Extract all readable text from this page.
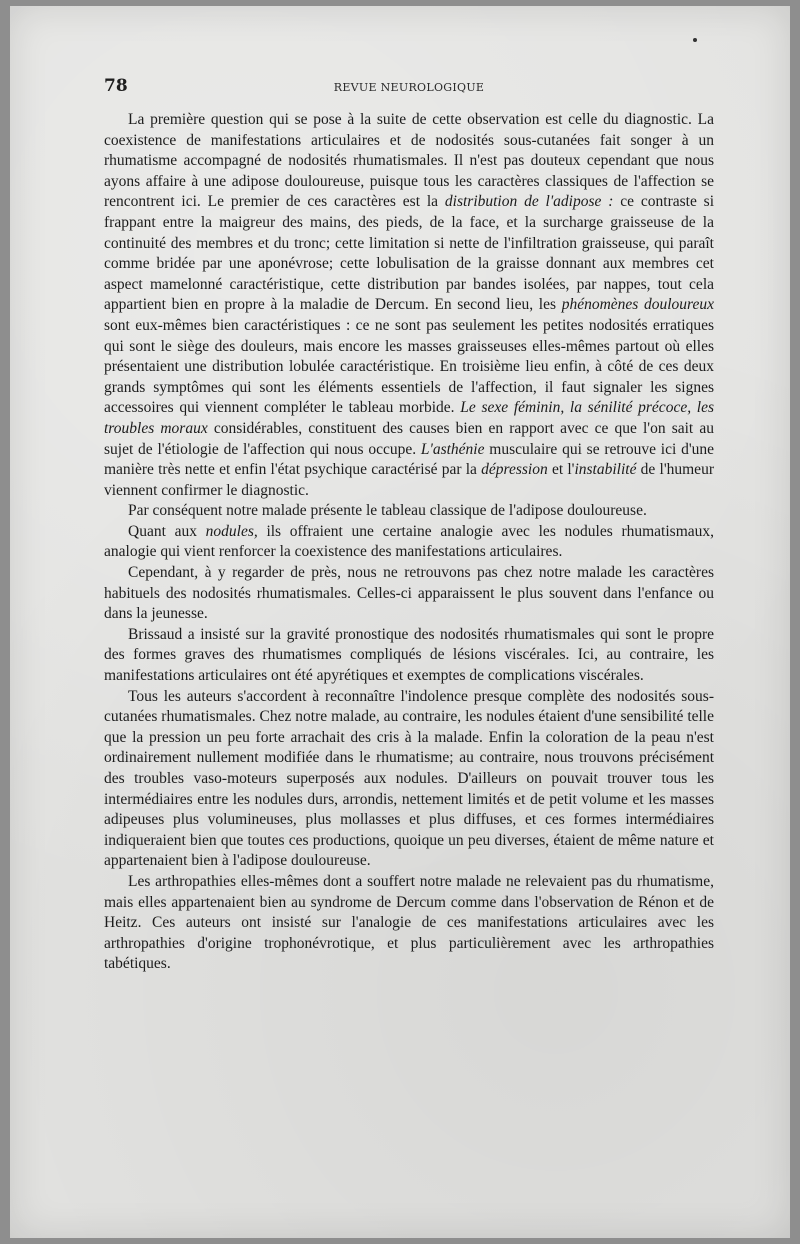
78	REVUE NEUROLOGIQUE

La première question qui se pose à la suite de cette observation est celle du diagnostic. La coexistence de manifestations articulaires et de nodosités sous-cutanées fait songer à un rhumatisme accompagné de nodosités rhumatismales. Il n'est pas douteux cependant que nous ayons affaire à une adipose douloureuse, puisque tous les caractères classiques de l'affection se rencontrent ici. Le premier de ces caractères est la distribution de l'adipose : ce contraste si frappant entre la maigreur des mains, des pieds, de la face, et la surcharge graisseuse de la continuité des membres et du tronc; cette limitation si nette de l'infiltration graisseuse, qui paraît comme bridée par une aponévrose; cette lobulisation de la graisse donnant aux membres cet aspect mamelonné caractéristique, cette distribution par bandes isolées, par nappes, tout cela appartient bien en propre à la maladie de Dercum. En second lieu, les phénomènes douloureux sont eux-mêmes bien caractéristiques : ce ne sont pas seulement les petites nodosités erratiques qui sont le siège des douleurs, mais encore les masses graisseuses elles-mêmes partout où elles présentaient une distribution lobulée caractéristique. En troisième lieu enfin, à côté de ces deux grands symptômes qui sont les éléments essentiels de l'affection, il faut signaler les signes accessoires qui viennent compléter le tableau morbide. Le sexe féminin, la sénilité précoce, les troubles moraux considérables, constituent des causes bien en rapport avec ce que l'on sait au sujet de l'étiologie de l'affection qui nous occupe. L'asthénie musculaire qui se retrouve ici d'une manière très nette et enfin l'état psychique caractérisé par la dépression et l'instabilité de l'humeur viennent confirmer le diagnostic.

Par conséquent notre malade présente le tableau classique de l'adipose douloureuse.

Quant aux nodules, ils offraient une certaine analogie avec les nodules rhumatismaux, analogie qui vient renforcer la coexistence des manifestations articulaires.

Cependant, à y regarder de près, nous ne retrouvons pas chez notre malade les caractères habituels des nodosités rhumatismales. Celles-ci apparaissent le plus souvent dans l'enfance ou dans la jeunesse.

Brissaud a insisté sur la gravité pronostique des nodosités rhumatismales qui sont le propre des formes graves des rhumatismes compliqués de lésions viscérales. Ici, au contraire, les manifestations articulaires ont été apyrétiques et exemptes de complications viscérales.

Tous les auteurs s'accordent à reconnaître l'indolence presque complète des nodosités sous-cutanées rhumatismales. Chez notre malade, au contraire, les nodules étaient d'une sensibilité telle que la pression un peu forte arrachait des cris à la malade. Enfin la coloration de la peau n'est ordinairement nullement modifiée dans le rhumatisme; au contraire, nous trouvons précisément des troubles vaso-moteurs superposés aux nodules. D'ailleurs on pouvait trouver tous les intermédiaires entre les nodules durs, arrondis, nettement limités et de petit volume et les masses adipeuses plus volumineuses, plus mollasses et plus diffuses, et ces formes intermédiaires indiqueraient bien que toutes ces productions, quoique un peu diverses, étaient de même nature et appartenaient bien à l'adipose douloureuse.

Les arthropathies elles-mêmes dont a souffert notre malade ne relevaient pas du rhumatisme, mais elles appartenaient bien au syndrome de Dercum comme dans l'observation de Rénon et de Heitz. Ces auteurs ont insisté sur l'analogie de ces manifestations articulaires avec les arthropathies d'origine trophonévrotique, et plus particulièrement avec les arthropathies tabétiques.
